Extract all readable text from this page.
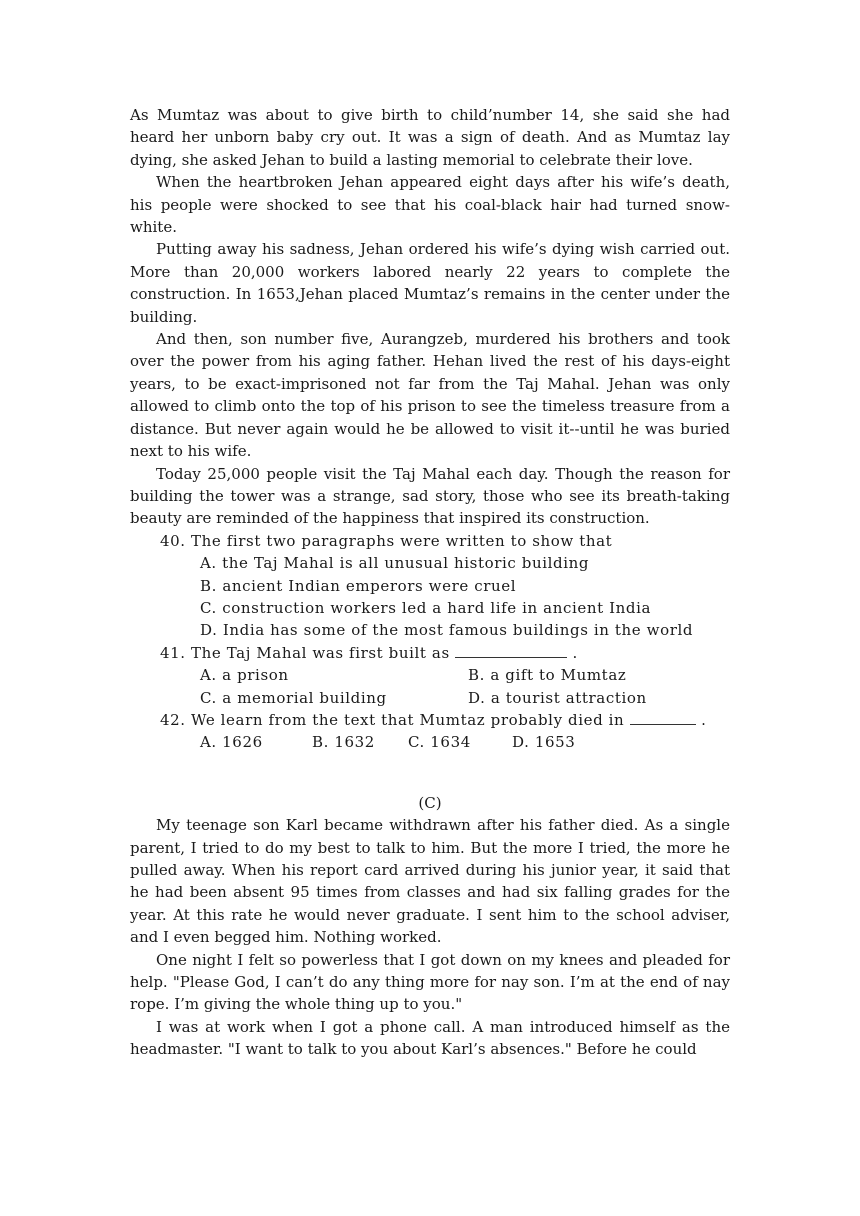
As Mumtaz was about to give birth to child’number 14, she said she had heard her unborn baby cry out. It was a sign of death. And as Mumtaz lay dying, she asked Jehan to build a lasting memorial to celebrate their love.

When the heartbroken Jehan appeared eight days after his wife’s death, his people were shocked to see that his coal-black hair had turned snow-white.

Putting away his sadness, Jehan ordered his wife’s dying wish carried out. More than 20,000 workers labored nearly 22 years to complete the construction. In 1653,Jehan placed Mumtaz’s remains in the center under the building.

And then, son number five, Aurangzeb, murdered his brothers and took over the power from his aging father. Hehan lived the rest of his days-eight years, to be exact-imprisoned not far from the Taj Mahal. Jehan was only allowed to climb onto the top of his prison to see the timeless treasure from a distance. But never again would he be allowed to visit it--until he was buried next to his wife.

Today 25,000 people visit the Taj Mahal each day. Though the reason for building the tower was a strange, sad story, those who see its breath-taking beauty are reminded of the happiness that inspired its construction.

40. The first two paragraphs were written to show that

A. the Taj Mahal is all unusual historic building
B. ancient Indian emperors were cruel
C. construction workers led a hard life in ancient India
D. India has some of the most famous buildings in the world

41. The Taj Mahal was first built as	.

A. a prison	B. a gift to Mumtaz
C. a memorial building	D. a tourist attraction

42. We learn from the text that Mumtaz probably died in	.

A. 1626	B. 1632	C. 1634	D. 1653

(C)

My teenage son Karl became withdrawn after his father died. As a single parent, I tried to do my best to talk to him. But the more I tried, the more he pulled away. When his report card arrived during his junior year, it said that he had been absent 95 times from classes and had six falling grades for the year. At this rate he would never graduate. I sent him to the school adviser, and I even begged him. Nothing worked.

One night I felt so powerless that I got down on my knees and pleaded for help. "Please God, I can’t do any thing more for nay son. I’m at the end of nay rope. I’m giving the whole thing up to you."

I was at work when I got a phone call. A man introduced himself as the headmaster. "I want to talk to you about Karl’s absences." Before he could
